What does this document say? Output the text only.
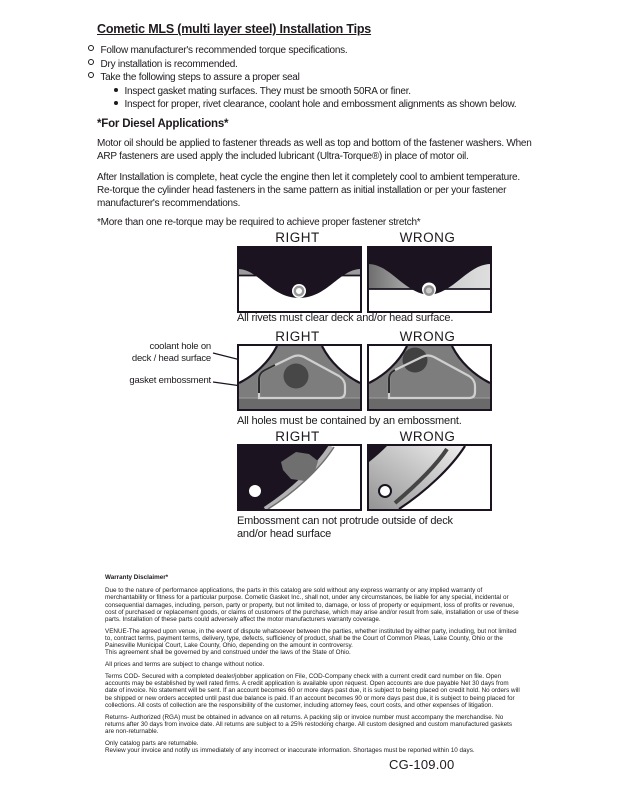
Cometic MLS (multi layer steel) Installation Tips
Follow manufacturer's recommended torque specifications.
Dry installation is recommended.
Take the following steps to assure a proper seal
Inspect gasket mating surfaces. They must be smooth 50RA or finer.
Inspect for proper, rivet clearance, coolant hole and embossment alignments as shown below.
*For Diesel Applications*

Motor oil should be applied to fastener threads as well as top and bottom of the fastener washers. When ARP fasteners are used apply the included lubricant (Ultra-Torque®) in place of motor oil.

After Installation is complete, heat cycle the engine then let it completely cool to ambient temperature. Re-torque the cylinder head fasteners in the same pattern as initial installation or per your fastener manufacturer's recommendations.

*More than one re-torque may be required to achieve proper fastener stretch*

RIGHT	WRONG
All rivets must clear deck and/or head surface.
RIGHT	WRONG
coolant hole on
deck / head surface
gasket embossment
All holes must be contained by an embossment.
RIGHT	WRONG
Embossment can not protrude outside of deck and/or head surface

Warranty Disclaimer*

Due to the nature of performance applications, the parts in this catalog are sold without any express warranty or any implied warranty of merchantability or fitness for a particular purpose. Cometic Gasket Inc., shall not, under any circumstances, be liable for any special, incidental or consequential damages, including, person, party or property, but not limited to, damage, or loss of property or equipment, loss of profits or revenue, cost of purchased or replacement goods, or claims of customers of the purchase, which may arise and/or result from sale, installation or use of these parts. Installation of these parts could adversely affect the motor manufacturers warranty coverage.

VENUE-The agreed upon venue, in the event of dispute whatsoever between the parties, whether instituted by either party, including, but not limited to, contract terms, payment terms, delivery, type, defects, sufficiency of product, shall be the Court of Common Pleas, Lake County, Ohio or the Painesville Municipal Court, Lake County, Ohio, depending on the amount in controversy.

This agreement shall be governed by and construed under the laws of the State of Ohio.

All prices and terms are subject to change without notice.

Terms COD- Secured with a completed dealer/jobber application on File, COD-Company check with a current credit card number on file. Open accounts may be established by well rated firms. A credit application is available upon request. Open accounts are due payable Net 30 days from date of invoice. No statement will be sent. If an account becomes 60 or more days past due, it is subject to being placed on credit hold. No orders will be shipped or new orders accepted until past due balance is paid. If an account becomes 90 or more days past due, it is subject to being placed for collections. All costs of collection are the responsibility of the customer, including attorney fees, court costs, and other expenses of litigation.

Returns- Authorized (RGA) must be obtained in advance on all returns. A packing slip or invoice number must accompany the merchandise. No returns after 30 days from invoice date. All returns are subject to a 25% restocking charge. All custom designed and custom manufactured gaskets are non-returnable.

Only catalog parts are returnable.

Review your invoice and notify us immediately of any incorrect or inaccurate information. Shortages must be reported within 10 days.

CG-109.00
